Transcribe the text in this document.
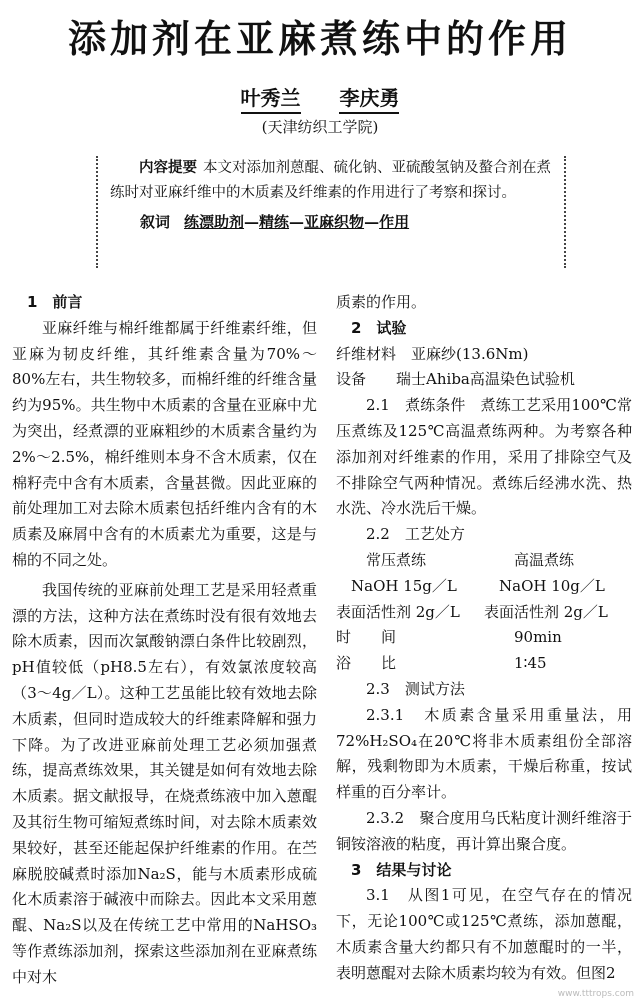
添加剂在亚麻煮练中的作用
叶秀兰 李庆勇
(天津纺织工学院)

内容提要 本文对添加剂蒽醌、硫化钠、亚硫酸氢钠及螯合剂在煮练时对亚麻纤维中的木质素及纤维素的作用进行了考察和探讨。

叙词 练漂助剂—精练—亚麻织物—作用

1　前言

亚麻纤维与棉纤维都属于纤维素纤维，但亚麻为韧皮纤维，其纤维素含量为70%～80%左右，共生物较多，而棉纤维的纤维含量约为95%。共生物中木质素的含量在亚麻中尤为突出，经煮漂的亚麻粗纱的木质素含量约为2%～2.5%，棉纤维则本身不含木质素，仅在棉籽壳中含有木质素，含量甚微。因此亚麻的前处理加工对去除木质素包括纤维内含有的木质素及麻屑中含有的木质素尤为重要，这是与棉的不同之处。

我国传统的亚麻前处理工艺是采用轻煮重漂的方法，这种方法在煮练时没有很有效地去除木质素，因而次氯酸钠漂白条件比较剧烈，pH值较低（pH8.5左右），有效氯浓度较高（3～4g／L）。这种工艺虽能比较有效地去除木质素，但同时造成较大的纤维素降解和强力下降。为了改进亚麻前处理工艺必须加强煮练，提高煮练效果，其关键是如何有效地去除木质素。据文献报导，在烧煮练液中加入蒽醌及其衍生物可缩短煮练时间，对去除木质素效果较好，甚至还能起保护纤维素的作用。在苎麻脱胶碱煮时添加Na₂S，能与木质素形成硫化木质素溶于碱液中而除去。因此本文采用蒽醌、Na₂S以及在传统工艺中常用的NaHSO₃等作煮练添加剂，探索这些添加剂在亚麻煮练中对木

质素的作用。

2　试验

纤维材料　 亚麻纱(13.6Nm)

设备　　 瑞士Ahiba高温染色试验机

2.1　煮练条件　煮练工艺采用100℃常压煮练及125℃高温煮练两种。为考察各种添加剂对纤维素的作用，采用了排除空气及不排除空气两种情况。煮练后经沸水洗、热水洗、冷水洗后干燥。

2.2　工艺处方

常压煮练	高温煮练
NaOH 15g／L	NaOH 10g／L
表面活性剂 2g／L	表面活性剂 2g／L
时　　间	90min
浴　　比	1∶45

2.3　测试方法

2.3.1　木质素含量采用重量法，用72%H₂SO₄在20℃将非木质素组份全部溶解，残剩物即为木质素，干燥后称重，按试样重的百分率计。

2.3.2　聚合度用乌氏粘度计测纤维溶于铜铵溶液的粘度，再计算出聚合度。

3　结果与讨论

3.1　从图1可见，在空气存在的情况下，无论100℃或125℃煮练，添加蒽醌，木质素含量大约都只有不加蒽醌时的一半，表明蒽醌对去除木质素均较为有效。但图2

www.tttrops.com
